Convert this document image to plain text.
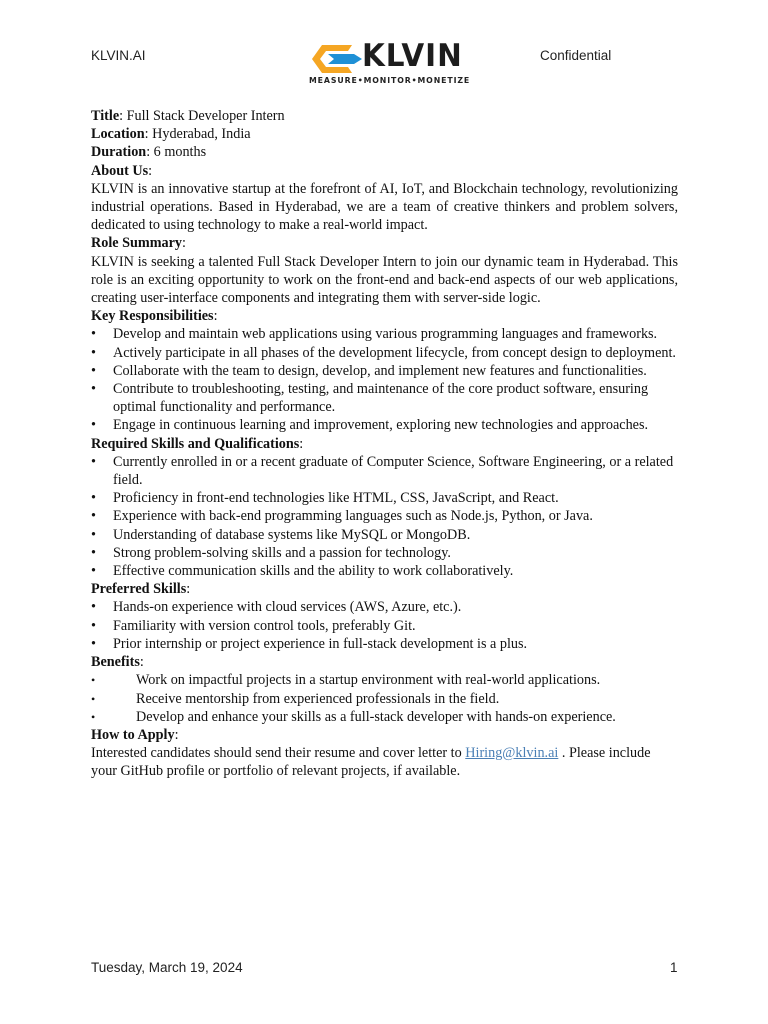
KLVIN.AI	KLVIN
MEASURE•MONITOR•MONETIZE
Confidential

Title: Full Stack Developer Intern

Location: Hyderabad, India

Duration: 6 months

About Us:

KLVIN is an innovative startup at the forefront of AI, IoT, and Blockchain technology, revolutionizing industrial operations. Based in Hyderabad, we are a team of creative thinkers and problem solvers, dedicated to using technology to make a real-world impact.

Role Summary:

KLVIN is seeking a talented Full Stack Developer Intern to join our dynamic team in Hyderabad. This role is an exciting opportunity to work on the front-end and back-end aspects of our web applications, creating user-interface components and integrating them with server-side logic.

Key Responsibilities:

• Develop and maintain web applications using various programming languages and frameworks.
• Actively participate in all phases of the development lifecycle, from concept design to deployment.
• Collaborate with the team to design, develop, and implement new features and functionalities.
• Contribute to troubleshooting, testing, and maintenance of the core product software, ensuring optimal functionality and performance.
• Engage in continuous learning and improvement, exploring new technologies and approaches.

Required Skills and Qualifications:

• Currently enrolled in or a recent graduate of Computer Science, Software Engineering, or a related field.
• Proficiency in front-end technologies like HTML, CSS, JavaScript, and React.
• Experience with back-end programming languages such as Node.js, Python, or Java.
• Understanding of database systems like MySQL or MongoDB.
• Strong problem-solving skills and a passion for technology.
• Effective communication skills and the ability to work collaboratively.

Preferred Skills:

• Hands-on experience with cloud services (AWS, Azure, etc.).
• Familiarity with version control tools, preferably Git.
• Prior internship or project experience in full-stack development is a plus.

Benefits:

• Work on impactful projects in a startup environment with real-world applications.
• Receive mentorship from experienced professionals in the field.
• Develop and enhance your skills as a full-stack developer with hands-on experience.

How to Apply:

Interested candidates should send their resume and cover letter to Hiring@klvin.ai . Please include your GitHub profile or portfolio of relevant projects, if available.

Tuesday, March 19, 2024	1
